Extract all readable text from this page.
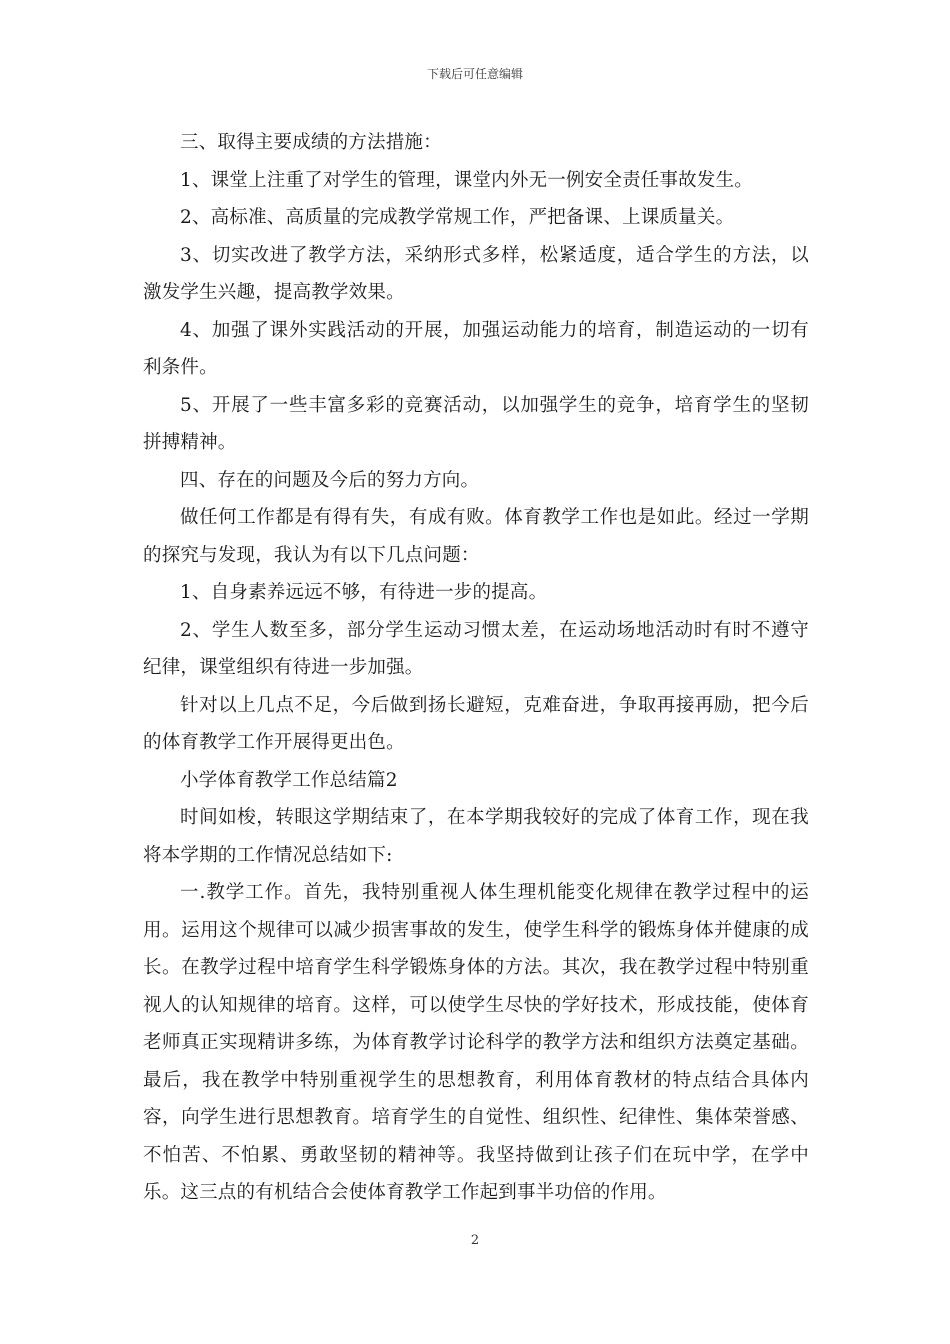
下载后可任意编辑

三、取得主要成绩的方法措施：

1、课堂上注重了对学生的管理，课堂内外无一例安全责任事故发生。

2、高标准、高质量的完成教学常规工作，严把备课、上课质量关。

3、切实改进了教学方法，采纳形式多样，松紧适度，适合学生的方法，以激发学生兴趣，提高教学效果。

4、加强了课外实践活动的开展，加强运动能力的培育，制造运动的一切有利条件。

5、开展了一些丰富多彩的竞赛活动，以加强学生的竞争，培育学生的坚韧拼搏精神。

四、存在的问题及今后的努力方向。

做任何工作都是有得有失，有成有败。体育教学工作也是如此。经过一学期的探究与发现，我认为有以下几点问题：

1、自身素养远远不够，有待进一步的提高。

2、学生人数至多，部分学生运动习惯太差，在运动场地活动时有时不遵守纪律，课堂组织有待进一步加强。

针对以上几点不足，今后做到扬长避短，克难奋进，争取再接再励，把今后的体育教学工作开展得更出色。

小学体育教学工作总结篇2

时间如梭，转眼这学期结束了，在本学期我较好的完成了体育工作，现在我将本学期的工作情况总结如下:

一.教学工作。首先，我特别重视人体生理机能变化规律在教学过程中的运用。运用这个规律可以减少损害事故的发生，使学生科学的锻炼身体并健康的成长。在教学过程中培育学生科学锻炼身体的方法。其次，我在教学过程中特别重视人的认知规律的培育。这样，可以使学生尽快的学好技术，形成技能，使体育老师真正实现精讲多练，为体育教学讨论科学的教学方法和组织方法奠定基础。最后，我在教学中特别重视学生的思想教育，利用体育教材的特点结合具体内容，向学生进行思想教育。培育学生的自觉性、组织性、纪律性、集体荣誉感、不怕苦、不怕累、勇敢坚韧的精神等。我坚持做到让孩子们在玩中学，在学中乐。这三点的有机结合会使体育教学工作起到事半功倍的作用。

2
